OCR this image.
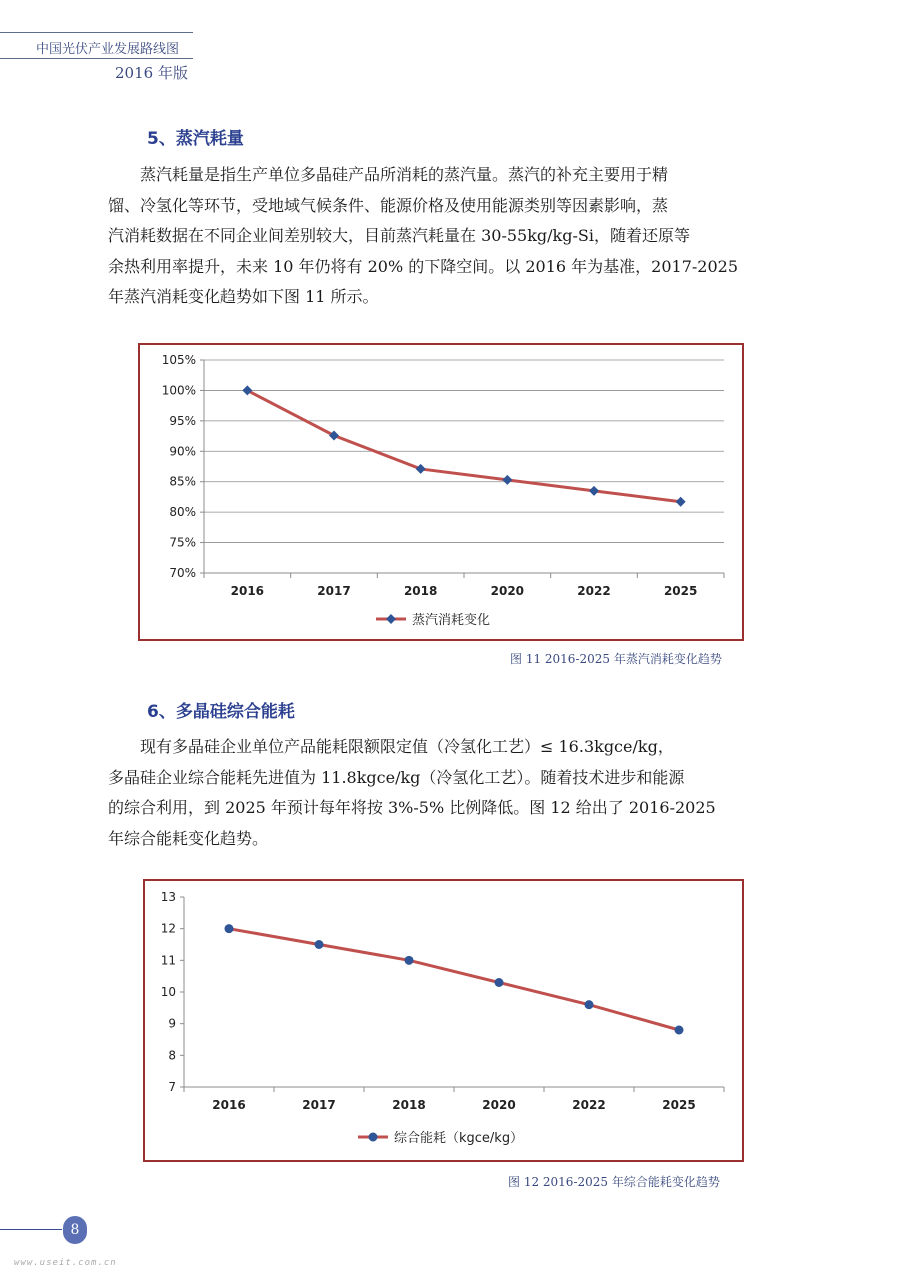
中国光伏产业发展路线图
2016 年版
5、蒸汽耗量

　　蒸汽耗量是指生产单位多晶硅产品所消耗的蒸汽量。蒸汽的补充主要用于精

馏、冷氢化等环节，受地域气候条件、能源价格及使用能源类别等因素影响，蒸

汽消耗数据在不同企业间差别较大，目前蒸汽耗量在 30-55kg/kg-Si，随着还原等

余热利用率提升，未来 10 年仍将有 20% 的下降空间。以 2016 年为基准，2017-2025

年蒸汽消耗变化趋势如下图 11 所示。

70%
75%
80%
85%
90%
95%
100%
105%
2016	2017	2018	2020	2022	2025
蒸汽消耗变化
图 11 2016-2025 年蒸汽消耗变化趋势
6、多晶硅综合能耗

　　现有多晶硅企业单位产品能耗限额限定值（冷氢化工艺）≤ 16.3kgce/kg，

多晶硅企业综合能耗先进值为 11.8kgce/kg（冷氢化工艺）。随着技术进步和能源

的综合利用，到 2025 年预计每年将按 3%-5% 比例降低。图 12 给出了 2016-2025

年综合能耗变化趋势。

7
8
9
10
11
12
13
2016	2017	2018	2020	2022	2025
综合能耗（kgce/kg）
图 12 2016-2025 年综合能耗变化趋势
8
www.useit.com.cn
